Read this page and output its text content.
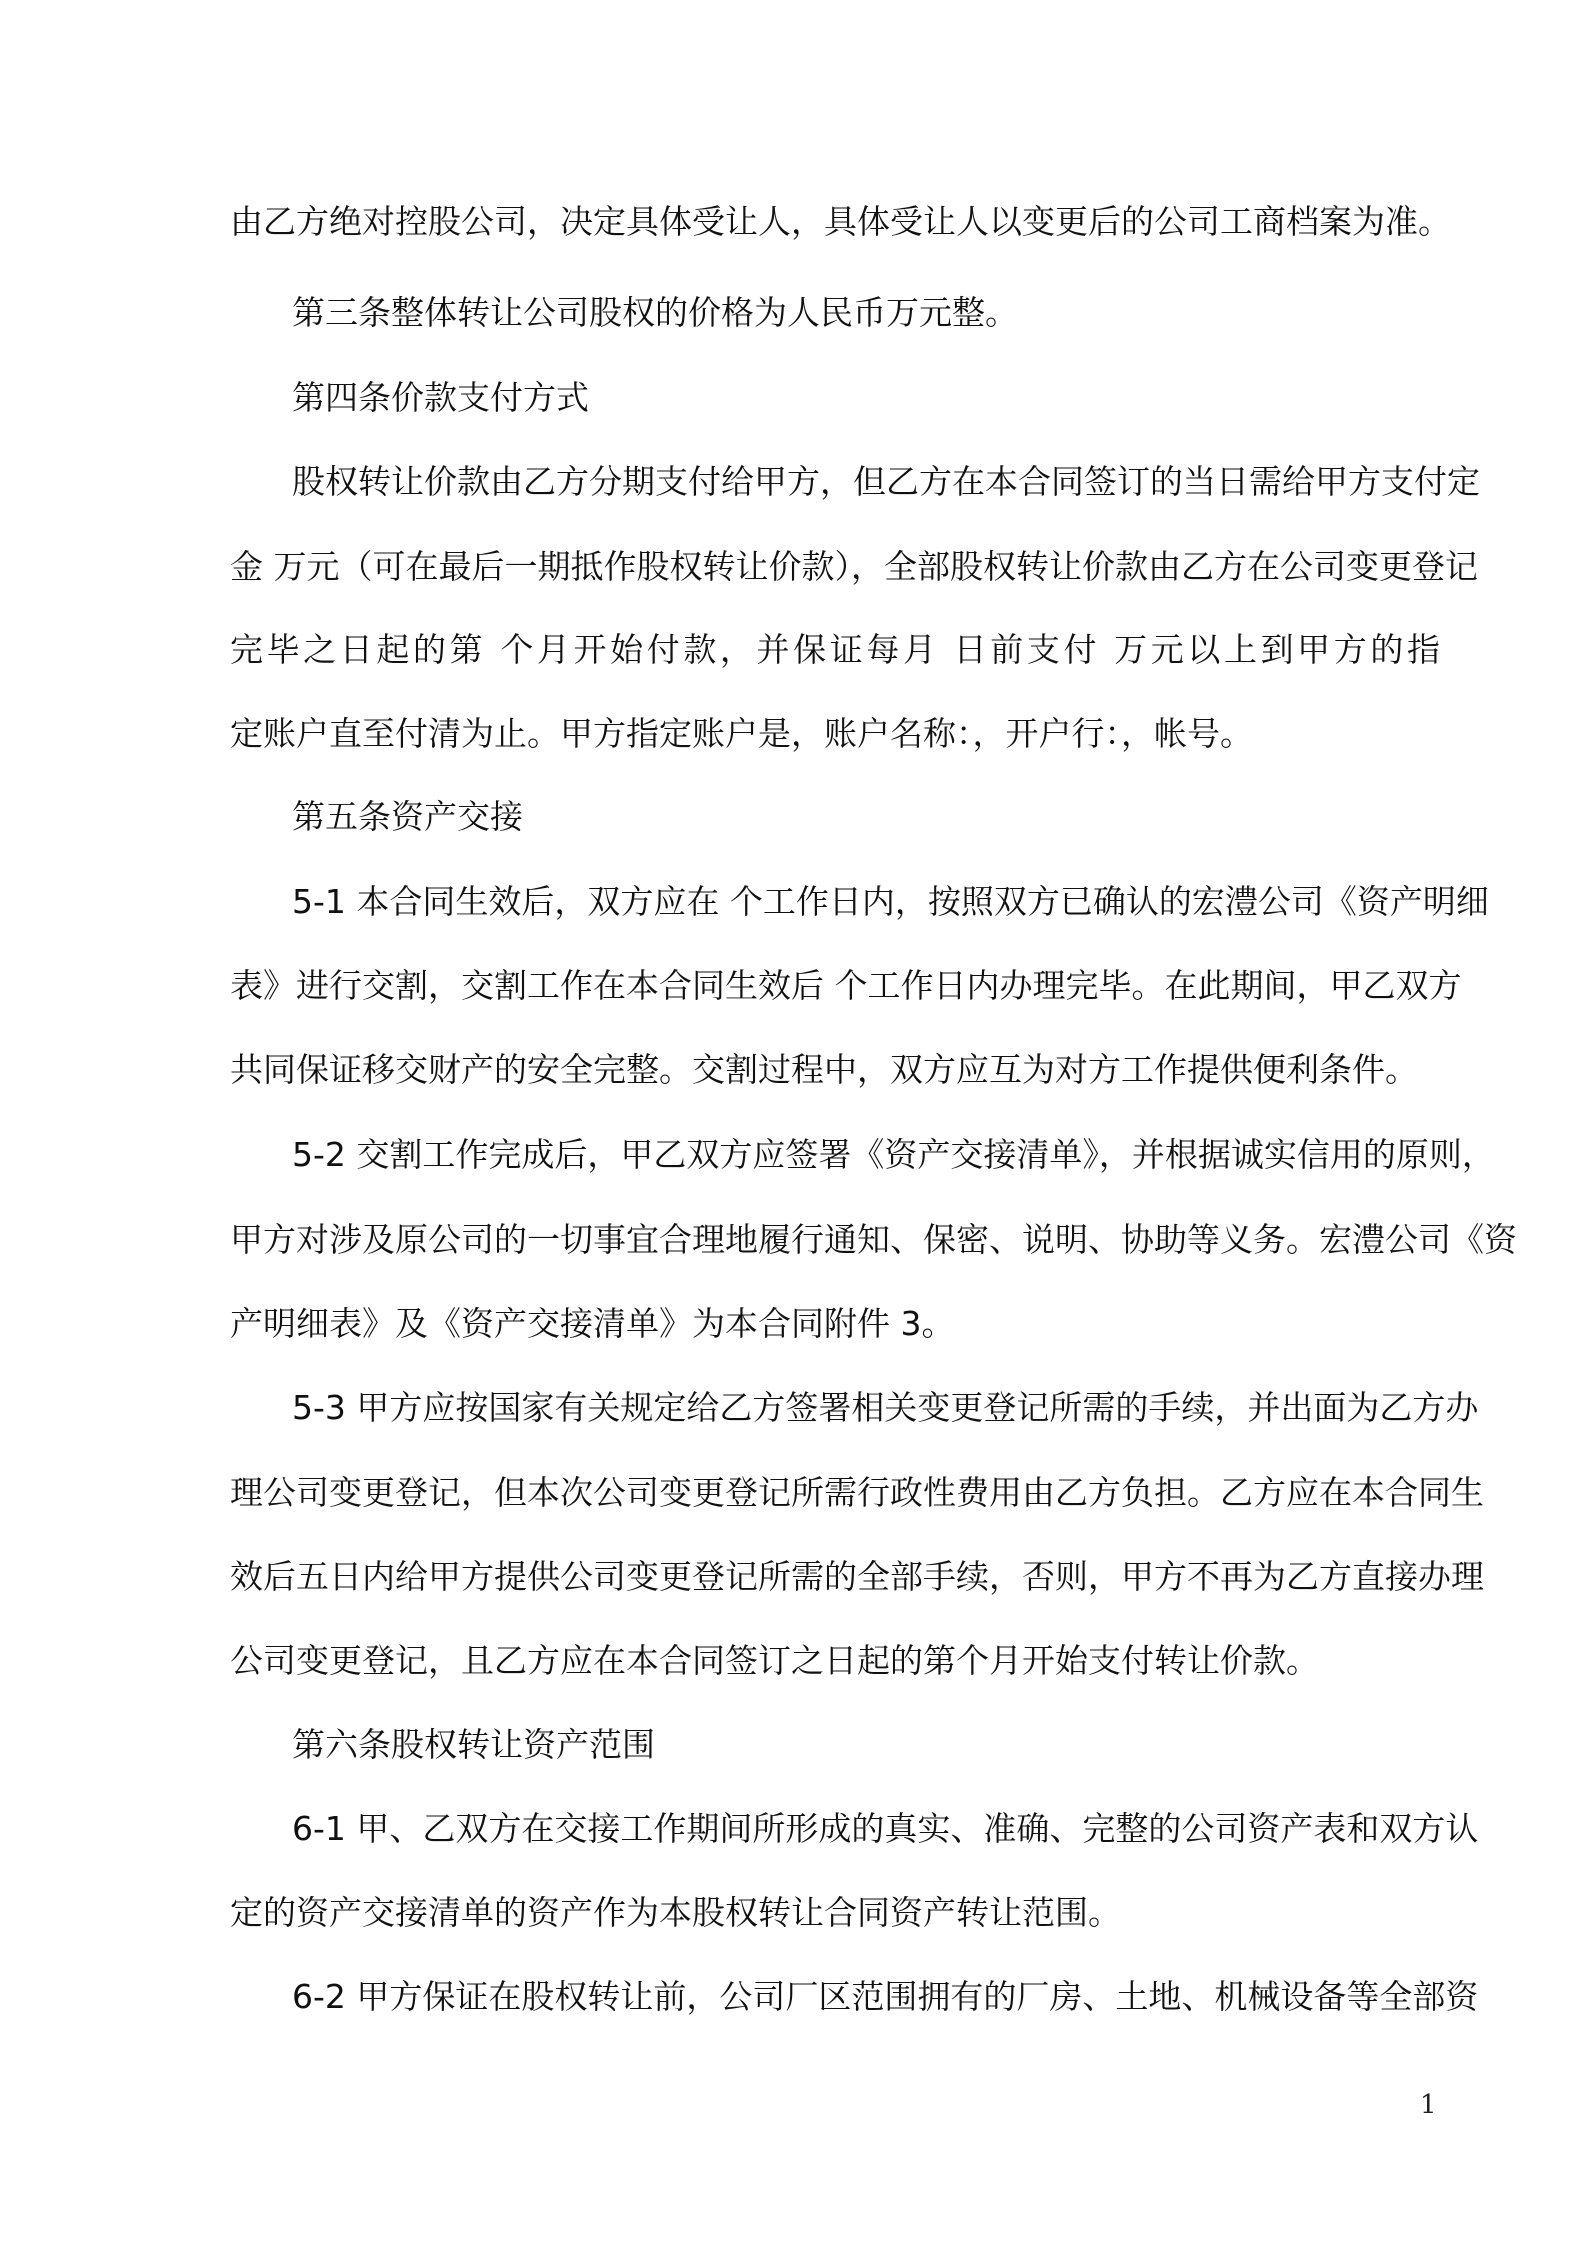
由乙方绝对控股公司，决定具体受让人，具体受让人以变更后的公司工商档案为准。
第三条整体转让公司股权的价格为人民币万元整。
第四条价款支付方式
股权转让价款由乙方分期支付给甲方，但乙方在本合同签订的当日需给甲方支付定
金 万元（可在最后一期抵作股权转让价款），全部股权转让价款由乙方在公司变更登记
完毕之日起的第 个月开始付款，并保证每月 日前支付 万元以上到甲方的指
定账户直至付清为止。甲方指定账户是，账户名称：，开户行：，帐号。
第五条资产交接
5-1 本合同生效后，双方应在 个工作日内，按照双方已确认的宏澧公司《资产明细
表》进行交割，交割工作在本合同生效后 个工作日内办理完毕。在此期间，甲乙双方
共同保证移交财产的安全完整。交割过程中，双方应互为对方工作提供便利条件。
5-2 交割工作完成后，甲乙双方应签署《资产交接清单》，并根据诚实信用的原则，
甲方对涉及原公司的一切事宜合理地履行通知、保密、说明、协助等义务。宏澧公司《资
产明细表》及《资产交接清单》为本合同附件 3。
5-3 甲方应按国家有关规定给乙方签署相关变更登记所需的手续，并出面为乙方办
理公司变更登记，但本次公司变更登记所需行政性费用由乙方负担。乙方应在本合同生
效后五日内给甲方提供公司变更登记所需的全部手续，否则，甲方不再为乙方直接办理
公司变更登记，且乙方应在本合同签订之日起的第个月开始支付转让价款。
第六条股权转让资产范围
6-1 甲、乙双方在交接工作期间所形成的真实、准确、完整的公司资产表和双方认
定的资产交接清单的资产作为本股权转让合同资产转让范围。
6-2 甲方保证在股权转让前，公司厂区范围拥有的厂房、土地、机械设备等全部资
1
